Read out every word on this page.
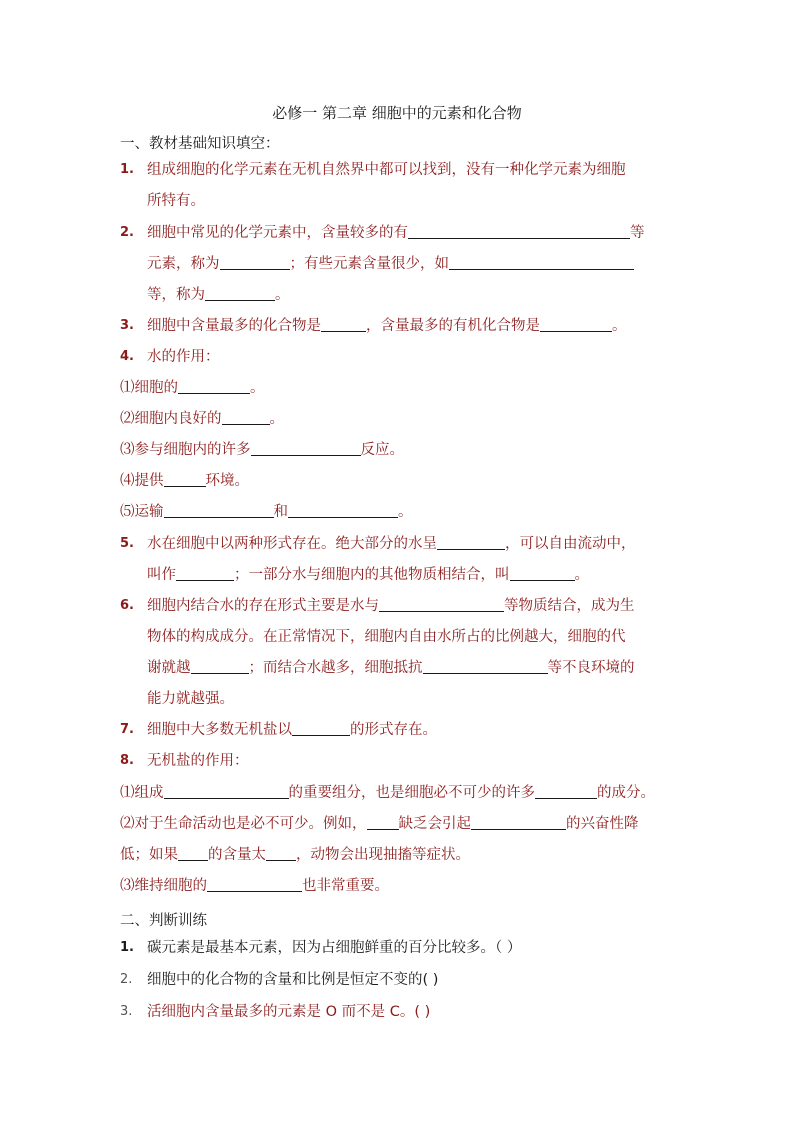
必修一 第二章 细胞中的元素和化合物
一、教材基础知识填空：
1. 组成细胞的化学元素在无机自然界中都可以找到，没有一种化学元素为细胞
所特有。
2. 细胞中常见的化学元素中，含量较多的有	等
元素，称为	；有些元素含量很少，如
等，称为	。
3. 细胞中含量最多的化合物是	，含量最多的有机化合物是	。
4. 水的作用：
⑴细胞的	。
⑵细胞内良好的	。
⑶参与细胞内的许多	反应。
⑷提供	环境。
⑸运输	和	。
5. 水在细胞中以两种形式存在。绝大部分的水呈	，可以自由流动中，
叫作	；一部分水与细胞内的其他物质相结合，叫	。
6. 细胞内结合水的存在形式主要是水与	等物质结合，成为生
物体的构成成分。在正常情况下，细胞内自由水所占的比例越大，细胞的代
谢就越	；而结合水越多，细胞抵抗	等不良环境的
能力就越强。
7. 细胞中大多数无机盐以	的形式存在。
8. 无机盐的作用：
⑴组成	的重要组分，也是细胞必不可少的许多	的成分。
⑵对于生命活动也是必不可少。例如， 缺乏会引起	的兴奋性降
低；如果 的含量太 ，动物会出现抽搐等症状。
⑶维持细胞的	也非常重要。
二、判断训练
1. 碳元素是最基本元素，因为占细胞鲜重的百分比较多。（ ）
2. 细胞中的化合物的含量和比例是恒定不变的( )
3. 活细胞内含量最多的元素是 O 而不是 C。( )
